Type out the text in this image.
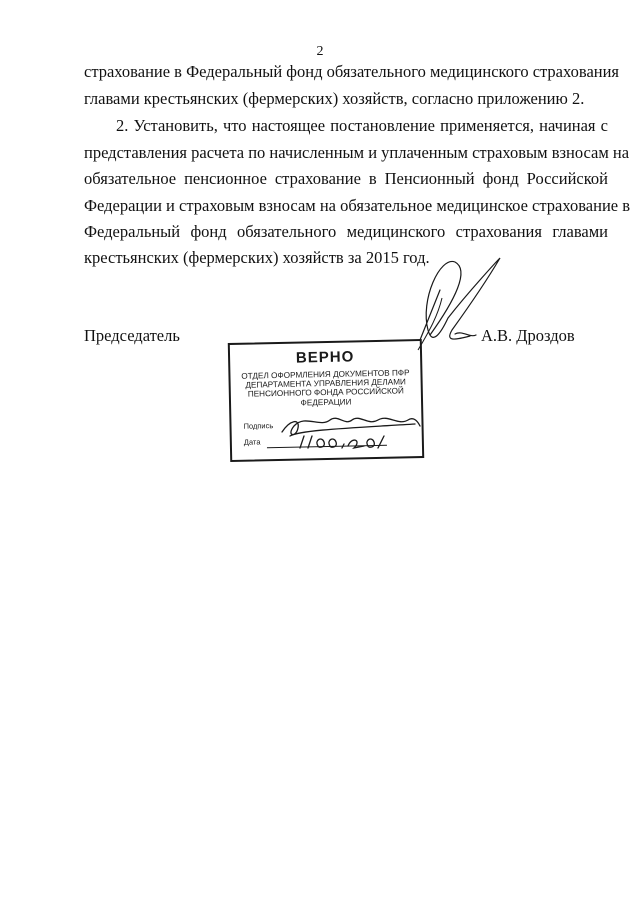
2
страхование в Федеральный фонд обязательного медицинского страхования
главами крестьянских (фермерских) хозяйств, согласно приложению 2.
2. Установить, что настоящее постановление применяется, начиная с
представления расчета по начисленным и уплаченным страховым взносам на
обязательное пенсионное страхование в Пенсионный фонд Российской
Федерации и страховым взносам на обязательное медицинское страхование в
Федеральный фонд обязательного медицинского страхования главами
крестьянских (фермерских) хозяйств за 2015 год.
Председатель	А.В. Дроздов
ВЕРНО
ОТДЕЛ ОФОРМЛЕНИЯ ДОКУМЕНТОВ ПФР ДЕПАРТАМЕНТА УПРАВЛЕНИЯ ДЕЛАМИ ПЕНСИОННОГО ФОНДА РОССИЙСКОЙ ФЕДЕРАЦИИ
Подпись
Дата
